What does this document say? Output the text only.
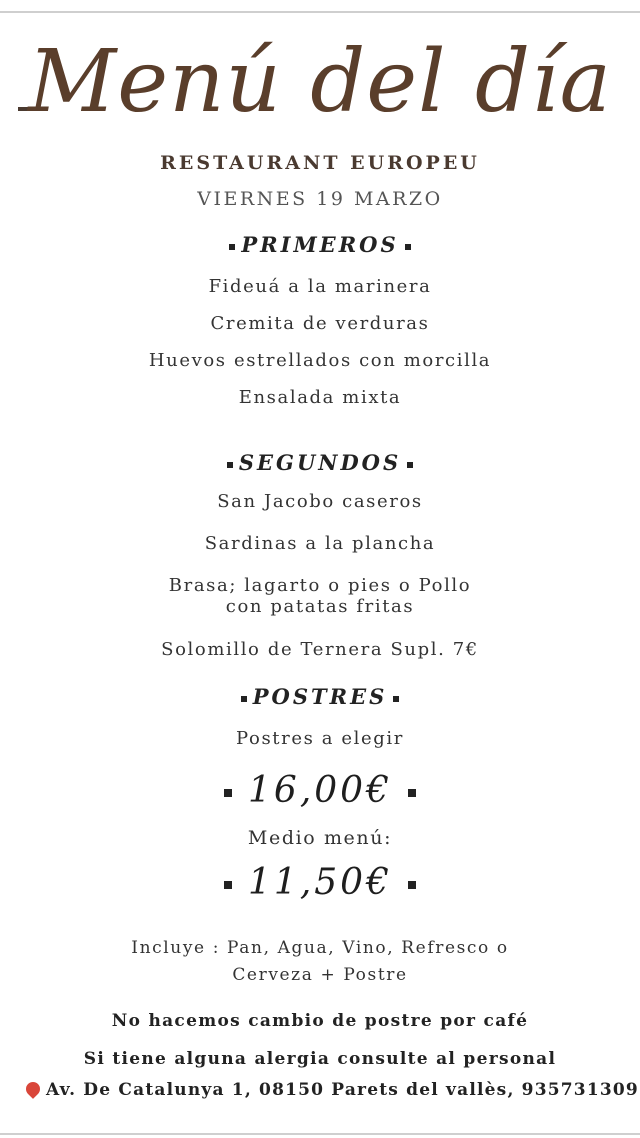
Menú del día
RESTAURANT EUROPEU
VIERNES 19 MARZO
PRIMEROS
Fideuá a la marinera
Cremita de verduras
Huevos estrellados con morcilla
Ensalada mixta
SEGUNDOS
San Jacobo caseros
Sardinas a la plancha
Brasa; lagarto o pies o Pollo
con patatas fritas
Solomillo de Ternera Supl. 7€
POSTRES
Postres a elegir
16,00€
Medio menú:
11,50€
Incluye : Pan, Agua, Vino, Refresco o
Cerveza + Postre
No hacemos cambio de postre por café
Si tiene alguna alergia consulte al personal
Av. De Catalunya 1, 08150 Parets del vallès, 935731309
